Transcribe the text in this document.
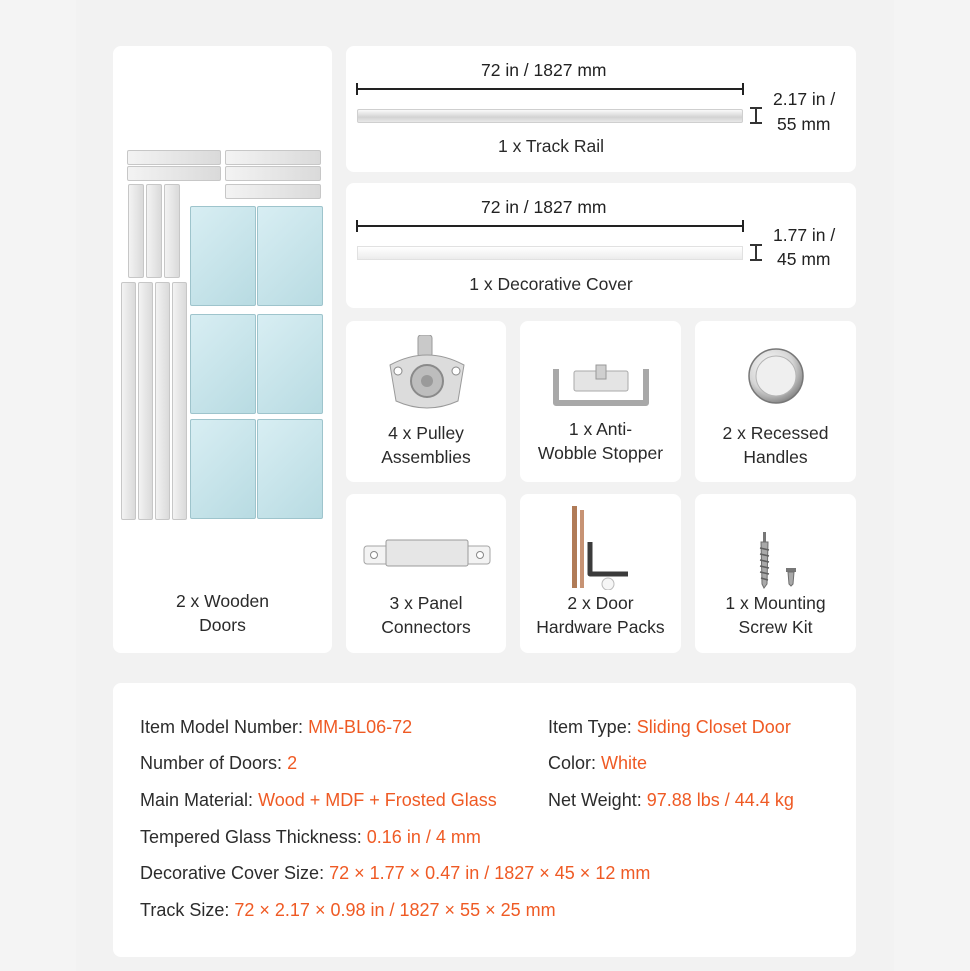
2 x Wooden
Doors
72 in / 1827 mm
2.17 in /
55 mm
1 x Track Rail
72 in / 1827 mm
1.77 in /
45 mm
1 x Decorative Cover
4 x Pulley
Assemblies
1 x Anti-
Wobble Stopper
2 x Recessed
Handles
3 x Panel
Connectors
2 x Door
Hardware Packs
1 x Mounting
Screw Kit
Item Model Number: MM-BL06-72	Item Type: Sliding Closet Door
Number of Doors: 2	Color: White
Main Material: Wood + MDF + Frosted Glass	Net Weight: 97.88 lbs / 44.4 kg
Tempered Glass Thickness: 0.16 in / 4 mm
Decorative Cover Size: 72 × 1.77 × 0.47 in / 1827 × 45 × 12 mm
Track Size: 72 × 2.17 × 0.98 in / 1827 × 55 × 25 mm
